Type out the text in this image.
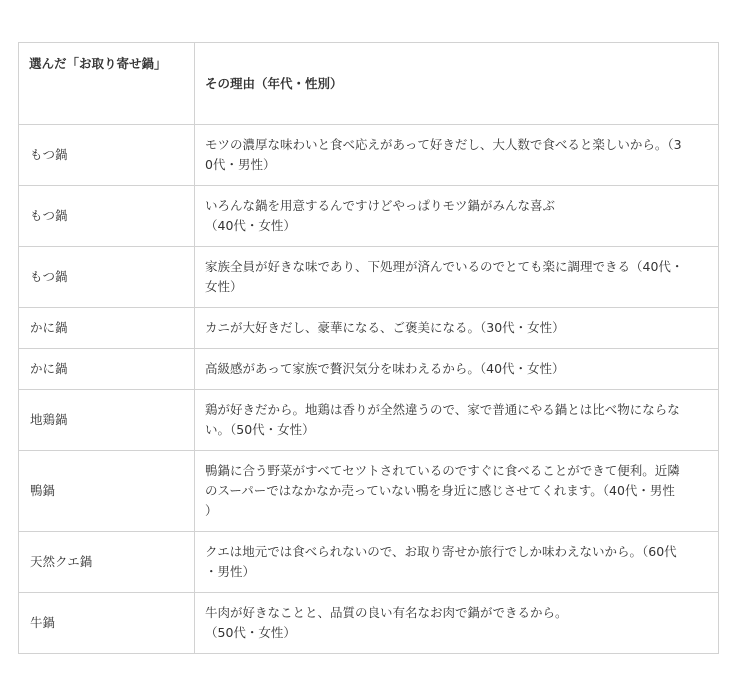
選んだ「お取り寄せ鍋」	その理由（年代・性別）
もつ鍋	モツの濃厚な味わいと食べ応えがあって好きだし、大人数で食べると楽しいから。（3
0代・男性）

もつ鍋	いろんな鍋を用意するんですけどやっぱりモツ鍋がみんな喜ぶ
（40代・女性）

もつ鍋	家族全員が好きな味であり、下処理が済んでいるのでとても楽に調理できる（40代・
女性）

かに鍋	カニが大好きだし、豪華になる、ご褒美になる。（30代・女性）

かに鍋	高級感があって家族で贅沢気分を味わえるから。（40代・女性）

地鶏鍋	鶏が好きだから。地鶏は香りが全然違うので、家で普通にやる鍋とは比べ物にならな
い。（50代・女性）

鴨鍋	鴨鍋に合う野菜がすべてセツトされているのですぐに食べることができて便利。近隣
のスーパーではなかなか売っていない鴨を身近に感じさせてくれます。（40代・男性
）

天然クエ鍋	クエは地元では食べられないので、お取り寄せか旅行でしか味わえないから。（60代
・男性）

牛鍋	牛肉が好きなことと、品質の良い有名なお肉で鍋ができるから。
（50代・女性）
